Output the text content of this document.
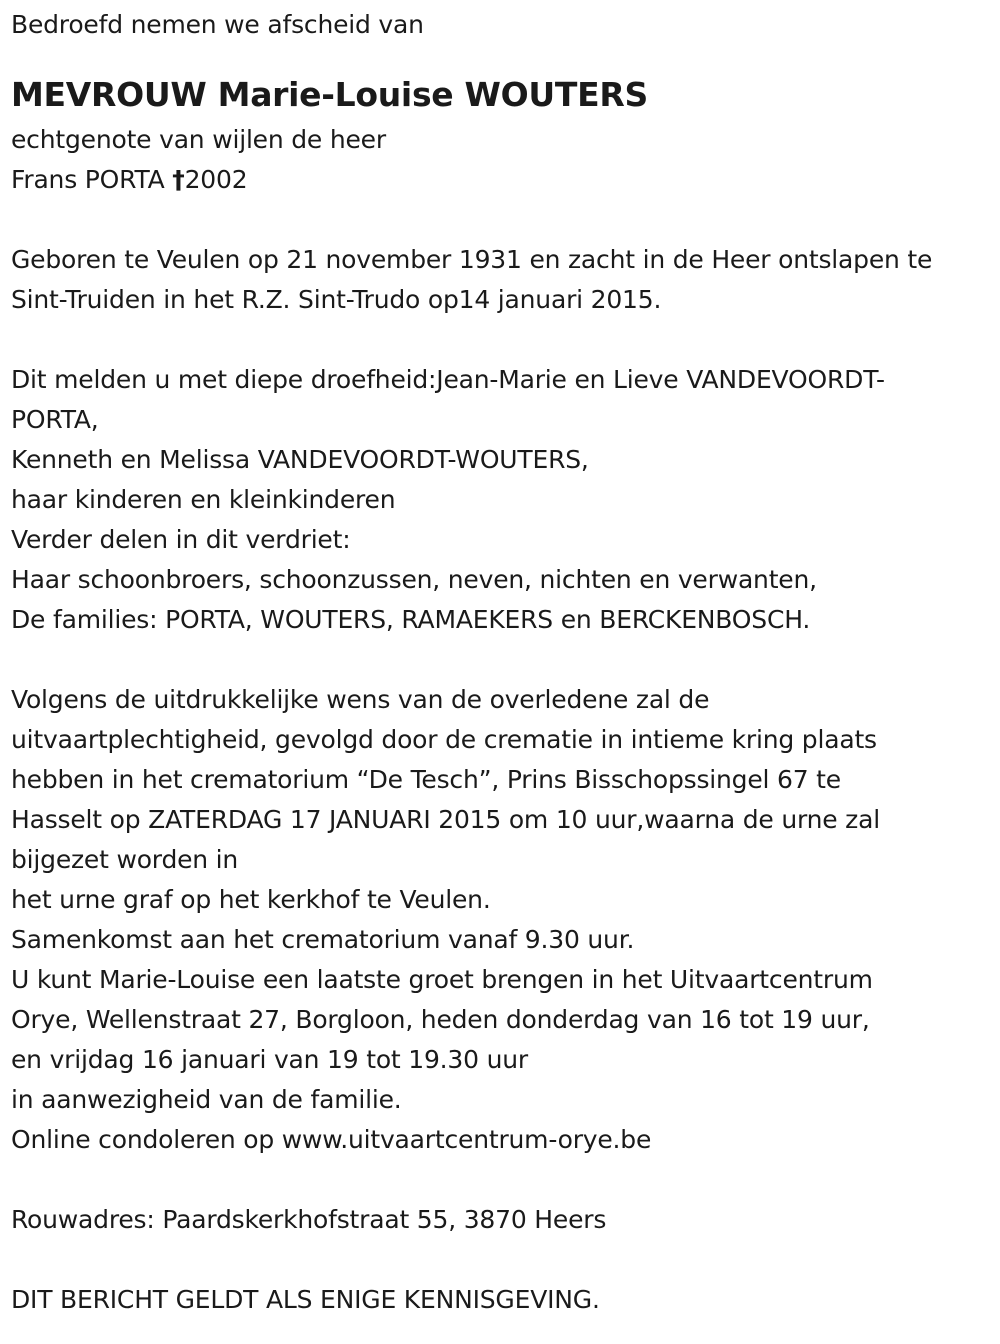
Bedroefd nemen we afscheid van
MEVROUW Marie-Louise WOUTERS
echtgenote van wijlen de heer
Frans PORTA †2002
Geboren te Veulen op 21 november 1931 en zacht in de Heer ontslapen te
Sint-Truiden in het R.Z. Sint-Trudo op14 januari 2015.
Dit melden u met diepe droefheid:Jean-Marie en Lieve VANDEVOORDT-
PORTA,
Kenneth en Melissa VANDEVOORDT-WOUTERS,
haar kinderen en kleinkinderen
Verder delen in dit verdriet:
Haar schoonbroers, schoonzussen, neven, nichten en verwanten,
De families: PORTA, WOUTERS, RAMAEKERS en BERCKENBOSCH.
Volgens de uitdrukkelijke wens van de overledene zal de
uitvaartplechtigheid, gevolgd door de crematie in intieme kring plaats
hebben in het crematorium “De Tesch”, Prins Bisschopssingel 67 te
Hasselt op ZATERDAG 17 JANUARI 2015 om 10 uur,waarna de urne zal
bijgezet worden in
het urne graf op het kerkhof te Veulen.
Samenkomst aan het crematorium vanaf 9.30 uur.
U kunt Marie-Louise een laatste groet brengen in het Uitvaartcentrum
Orye, Wellenstraat 27, Borgloon, heden donderdag van 16 tot 19 uur,
en vrijdag 16 januari van 19 tot 19.30 uur
in aanwezigheid van de familie.
Online condoleren op www.uitvaartcentrum-orye.be
Rouwadres: Paardskerkhofstraat 55, 3870 Heers
DIT BERICHT GELDT ALS ENIGE KENNISGEVING.
